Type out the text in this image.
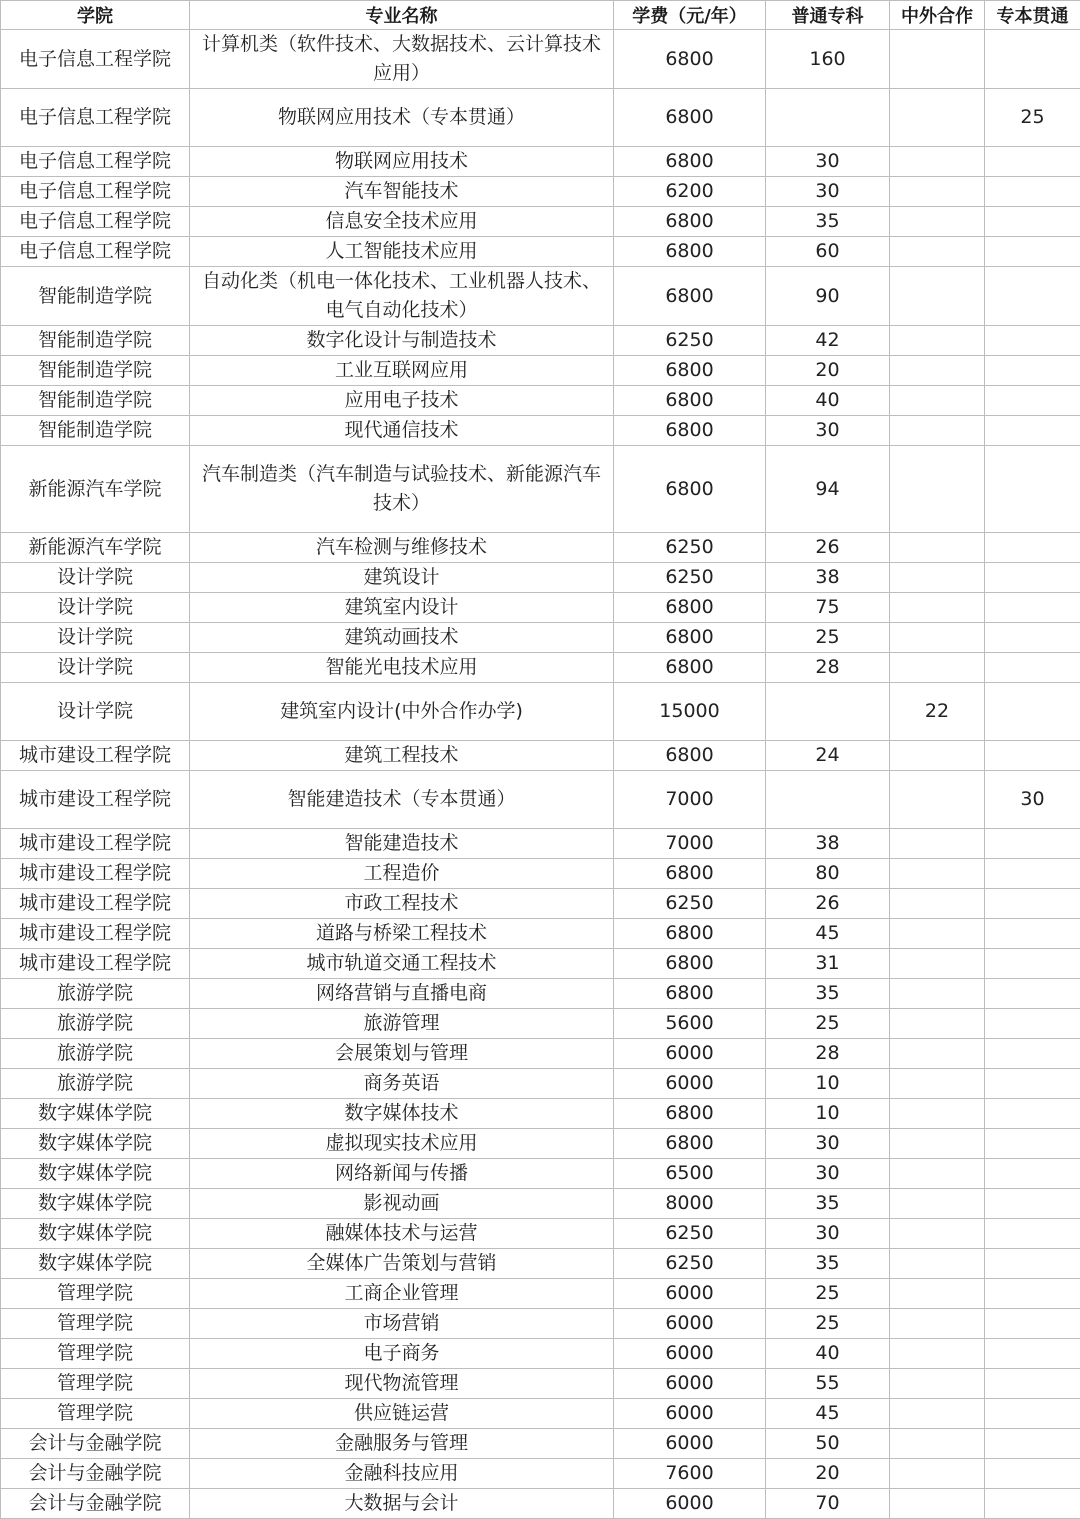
学院	专业名称	学费（元/年）	普通专科	中外合作	专本贯通
电子信息工程学院	计算机类（软件技术、大数据技术、云计算技术应用）	6800	160		
电子信息工程学院	物联网应用技术（专本贯通）	6800			25
电子信息工程学院	物联网应用技术	6800	30		
电子信息工程学院	汽车智能技术	6200	30		
电子信息工程学院	信息安全技术应用	6800	35		
电子信息工程学院	人工智能技术应用	6800	60		
智能制造学院	自动化类（机电一体化技术、工业机器人技术、电气自动化技术）	6800	90		
智能制造学院	数字化设计与制造技术	6250	42		
智能制造学院	工业互联网应用	6800	20		
智能制造学院	应用电子技术	6800	40		
智能制造学院	现代通信技术	6800	30		
新能源汽车学院	汽车制造类（汽车制造与试验技术、新能源汽车技术）	6800	94		
新能源汽车学院	汽车检测与维修技术	6250	26		
设计学院	建筑设计	6250	38		
设计学院	建筑室内设计	6800	75		
设计学院	建筑动画技术	6800	25		
设计学院	智能光电技术应用	6800	28		
设计学院	建筑室内设计(中外合作办学)	15000		22	
城市建设工程学院	建筑工程技术	6800	24		
城市建设工程学院	智能建造技术（专本贯通）	7000			30
城市建设工程学院	智能建造技术	7000	38		
城市建设工程学院	工程造价	6800	80		
城市建设工程学院	市政工程技术	6250	26		
城市建设工程学院	道路与桥梁工程技术	6800	45		
城市建设工程学院	城市轨道交通工程技术	6800	31		
旅游学院	网络营销与直播电商	6800	35		
旅游学院	旅游管理	5600	25		
旅游学院	会展策划与管理	6000	28		
旅游学院	商务英语	6000	10		
数字媒体学院	数字媒体技术	6800	10		
数字媒体学院	虚拟现实技术应用	6800	30		
数字媒体学院	网络新闻与传播	6500	30		
数字媒体学院	影视动画	8000	35		
数字媒体学院	融媒体技术与运营	6250	30		
数字媒体学院	全媒体广告策划与营销	6250	35		
管理学院	工商企业管理	6000	25		
管理学院	市场营销	6000	25		
管理学院	电子商务	6000	40		
管理学院	现代物流管理	6000	55		
管理学院	供应链运营	6000	45		
会计与金融学院	金融服务与管理	6000	50		
会计与金融学院	金融科技应用	7600	20		
会计与金融学院	大数据与会计	6000	70		
